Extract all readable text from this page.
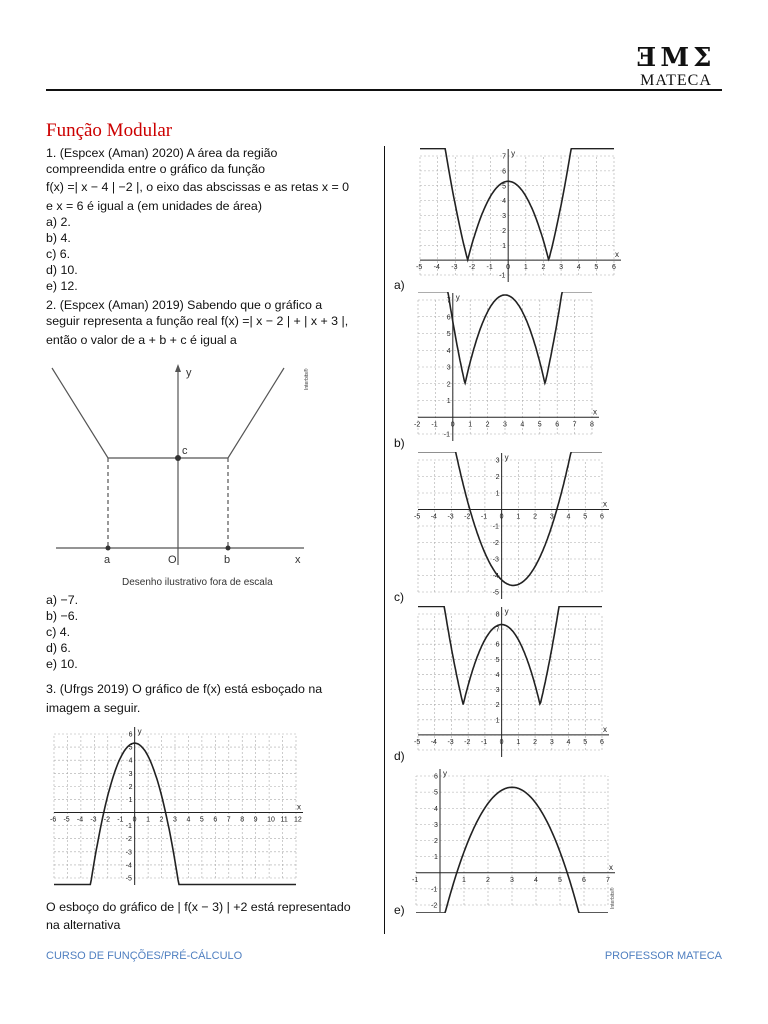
ƎMΣ
MATECA
Função Modular

1. (Espcex (Aman) 2020) A área da região

compreendida entre o gráfico da função

f(x) =| x − 4 | −2 |, o eixo das abscissas e as retas x = 0

e x = 6 é igual a (em unidades de área)

a) 2.

b) 4.

c) 6.

d) 10.

e) 12.

2. (Espcex (Aman) 2019) Sabendo que o gráfico a

seguir representa a função real f(x) =| x − 2 | + | x + 3 |,

então o valor de a + b + c é igual a

y
c
a	O	b	x
Desenho ilustrativo fora de escala
Interbits®

a) −7.

b) −6.

c) 4.

d) 6.

e) 10.

3. (Ufrgs 2019) O gráfico de f(x) está esboçado na

imagem a seguir.

-6 -5 -4 -3 -2 -1 0 1 2 3 4 5 6 7 8 9 10 11 12
-5
-4
-3
-2
-1
1
2
3
4
5
6
x
y

O esboço do gráfico de | f(x − 3) | +2 está representado

na alternativa

a)
b)
c)
d)
e)
-5 -4 -3 -2 -1 0 1 2 3 4 5 6
-1
1
2
3
4
5
6
7
x
y
-2 -1 0 1 2 3 4 5 6 7 8
-1
1
2
3
4
5
6
7
x
y
-5 -4 -3 -2 -1 0 1 2 3 4 5 6
-5
-4
-3
-2
-1
1
2
3
x
y
-5 -4 -3 -2 -1 0 1 2 3 4 5 6
1
2
3
4
5
6
7
8
x
y
-1	1	2	3	4	5	6	7
-2
-1
1
2
3
4
5
6
x
y
Interbits®
CURSO DE FUNÇÕES/PRÉ-CÁLCULO	PROFESSOR MATECA
